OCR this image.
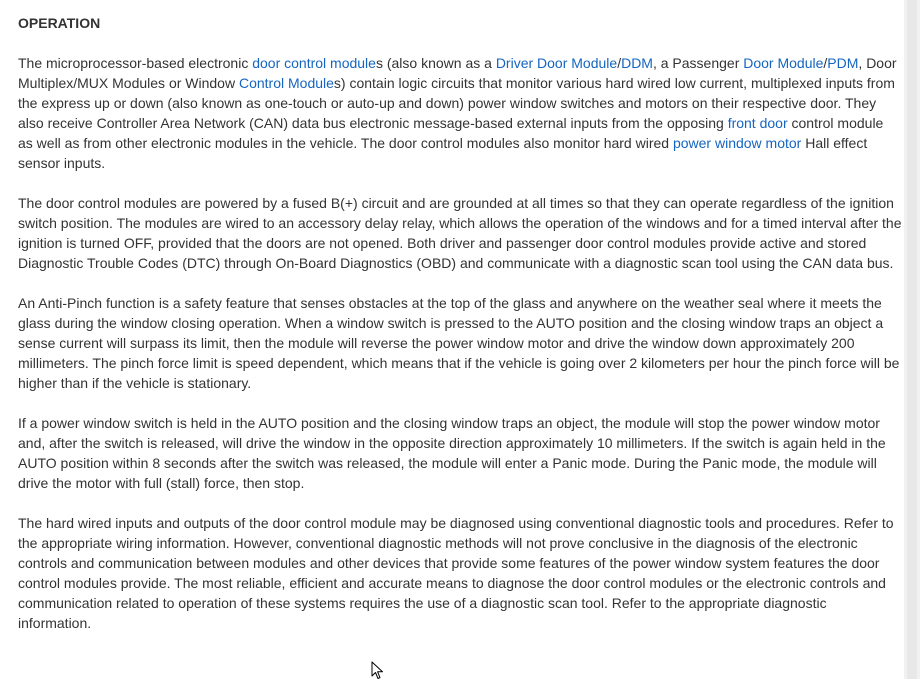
OPERATION

The microprocessor-based electronic door control modules (also known as a Driver Door Module/DDM, a Passenger Door Module/PDM, Door Multiplex/MUX Modules or Window Control Modules) contain logic circuits that monitor various hard wired low current, multiplexed inputs from the express up or down (also known as one-touch or auto-up and down) power window switches and motors on their respective door. They also receive Controller Area Network (CAN) data bus electronic message-based external inputs from the opposing front door control module as well as from other electronic modules in the vehicle. The door control modules also monitor hard wired power window motor Hall effect sensor inputs.

The door control modules are powered by a fused B(+) circuit and are grounded at all times so that they can operate regardless of the ignition switch position. The modules are wired to an accessory delay relay, which allows the operation of the windows and for a timed interval after the ignition is turned OFF, provided that the doors are not opened. Both driver and passenger door control modules provide active and stored Diagnostic Trouble Codes (DTC) through On-Board Diagnostics (OBD) and communicate with a diagnostic scan tool using the CAN data bus.

An Anti-Pinch function is a safety feature that senses obstacles at the top of the glass and anywhere on the weather seal where it meets the glass during the window closing operation. When a window switch is pressed to the AUTO position and the closing window traps an object a sense current will surpass its limit, then the module will reverse the power window motor and drive the window down approximately 200 millimeters. The pinch force limit is speed dependent, which means that if the vehicle is going over 2 kilometers per hour the pinch force will be higher than if the vehicle is stationary.

If a power window switch is held in the AUTO position and the closing window traps an object, the module will stop the power window motor and, after the switch is released, will drive the window in the opposite direction approximately 10 millimeters. If the switch is again held in the AUTO position within 8 seconds after the switch was released, the module will enter a Panic mode. During the Panic mode, the module will drive the motor with full (stall) force, then stop.

The hard wired inputs and outputs of the door control module may be diagnosed using conventional diagnostic tools and procedures. Refer to the appropriate wiring information. However, conventional diagnostic methods will not prove conclusive in the diagnosis of the electronic controls and communication between modules and other devices that provide some features of the power window system features the door control modules provide. The most reliable, efficient and accurate means to diagnose the door control modules or the electronic controls and communication related to operation of these systems requires the use of a diagnostic scan tool. Refer to the appropriate diagnostic information.
